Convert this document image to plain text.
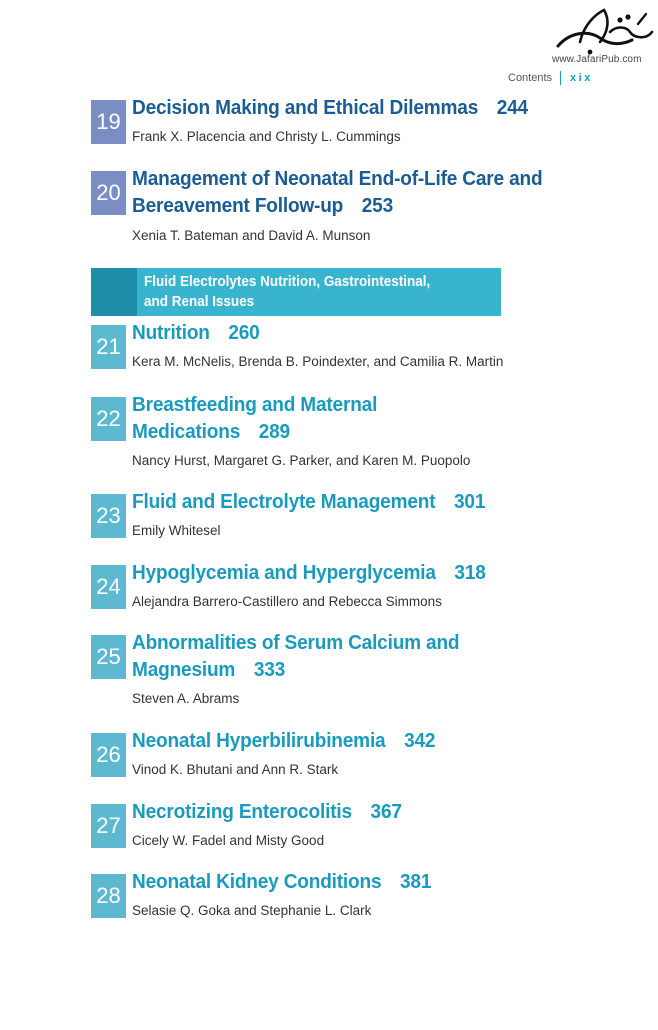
www.JafariPub.com
Contents xix
19
Decision Making and Ethical Dilemmas 244
Frank X. Placencia and Christy L. Cummings
20
Management of Neonatal End-of-Life Care and
Bereavement Follow-up 253
Xenia T. Bateman and David A. Munson
Fluid Electrolytes Nutrition, Gastrointestinal,
and Renal Issues
21
Nutrition 260
Kera M. McNelis, Brenda B. Poindexter, and Camilia R. Martin
22
Breastfeeding and Maternal
Medications 289
Nancy Hurst, Margaret G. Parker, and Karen M. Puopolo
23
Fluid and Electrolyte Management 301
Emily Whitesel
24
Hypoglycemia and Hyperglycemia 318
Alejandra Barrero-Castillero and Rebecca Simmons
25
Abnormalities of Serum Calcium and
Magnesium 333
Steven A. Abrams
26
Neonatal Hyperbilirubinemia 342
Vinod K. Bhutani and Ann R. Stark
27
Necrotizing Enterocolitis 367
Cicely W. Fadel and Misty Good
28
Neonatal Kidney Conditions 381
Selasie Q. Goka and Stephanie L. Clark
